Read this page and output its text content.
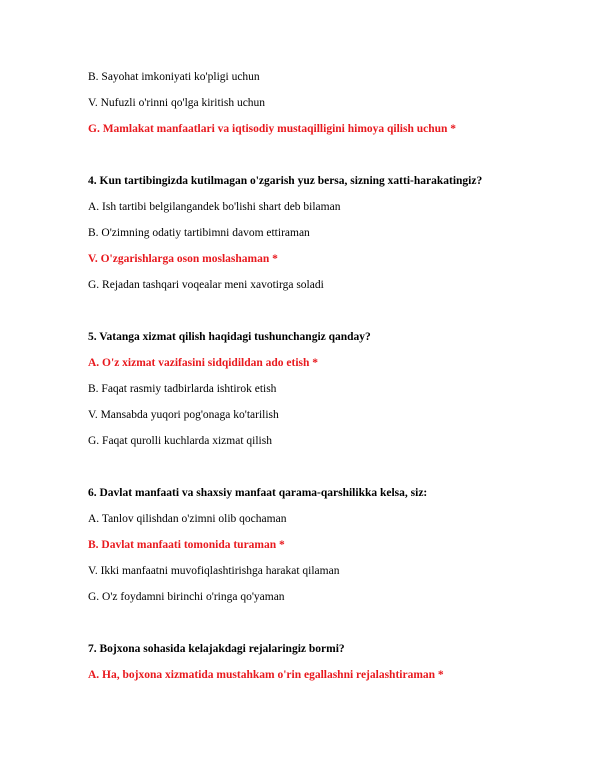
B. Sayohat imkoniyati ko'pligi uchun
V. Nufuzli o'rinni qo'lga kiritish uchun
G. Mamlakat manfaatlari va iqtisodiy mustaqilligini himoya qilish uchun *
4. Kun tartibingizda kutilmagan o'zgarish yuz bersa, sizning xatti-harakatingiz?
A. Ish tartibi belgilangandek bo'lishi shart deb bilaman
B. O'zimning odatiy tartibimni davom ettiraman
V. O'zgarishlarga oson moslashaman *
G. Rejadan tashqari voqealar meni xavotirga soladi
5. Vatanga xizmat qilish haqidagi tushunchangiz qanday?
A. O'z xizmat vazifasini sidqidildan ado etish *
B. Faqat rasmiy tadbirlarda ishtirok etish
V. Mansabda yuqori pog'onaga ko'tarilish
G. Faqat qurolli kuchlarda xizmat qilish
6. Davlat manfaati va shaxsiy manfaat qarama-qarshilikka kelsa, siz:
A. Tanlov qilishdan o'zimni olib qochaman
B. Davlat manfaati tomonida turaman *
V. Ikki manfaatni muvofiqlashtirishga harakat qilaman
G. O'z foydamni birinchi o'ringa qo'yaman
7. Bojxona sohasida kelajakdagi rejalaringiz bormi?
A. Ha, bojxona xizmatida mustahkam o'rin egallashni rejalashtiraman *
